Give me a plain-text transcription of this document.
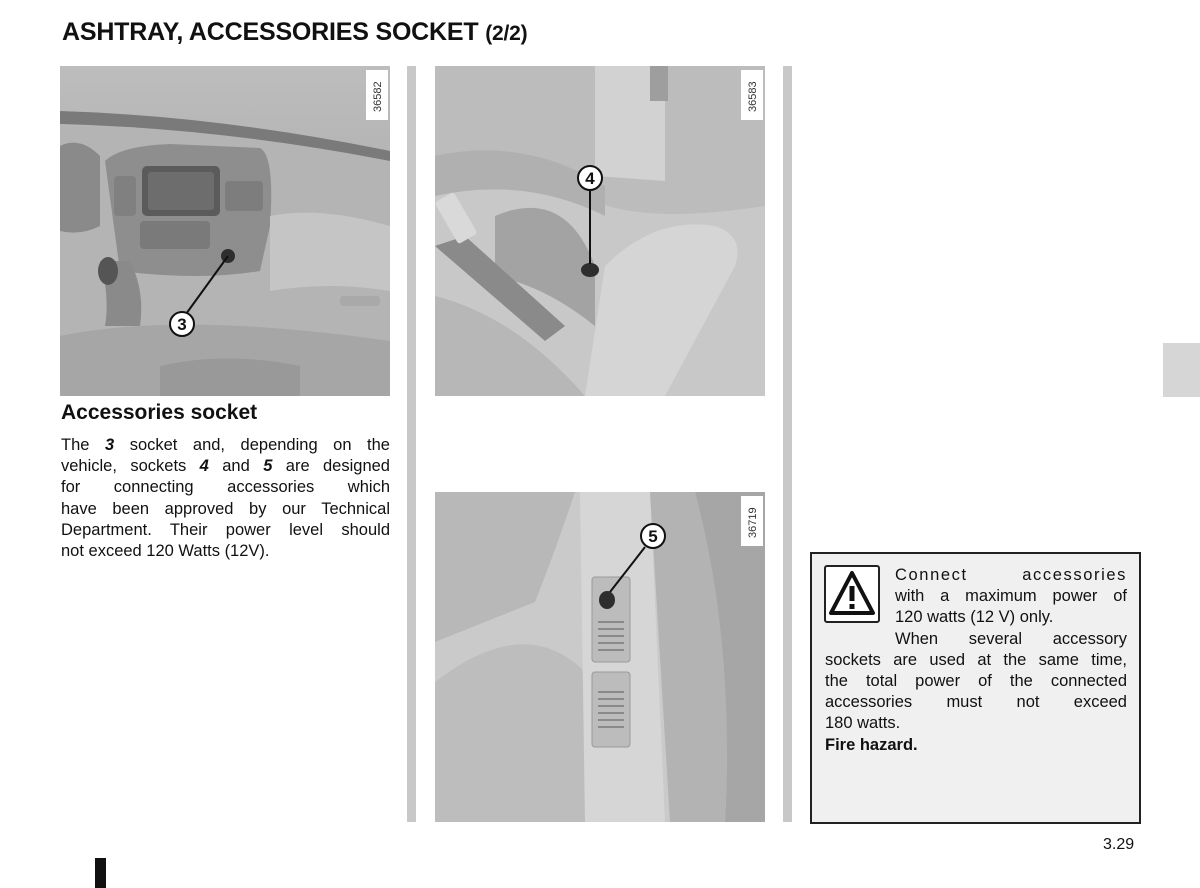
ASHTRAY, ACCESSORIES SOCKET (2/2)
3
36582
4
36583
5	36719
Accessories socket
The 3 socket and, depending on the
vehicle, sockets 4 and 5 are designed
for connecting accessories which
have been approved by our Technical
Department. Their power level should
not exceed 120 Watts (12V).
Connect accessories
with a maximum power of
120 watts (12 V) only.
When several accessory
sockets are used at the same time,
the total power of the connected
accessories must not exceed
180 watts.
Fire hazard.
3.29
